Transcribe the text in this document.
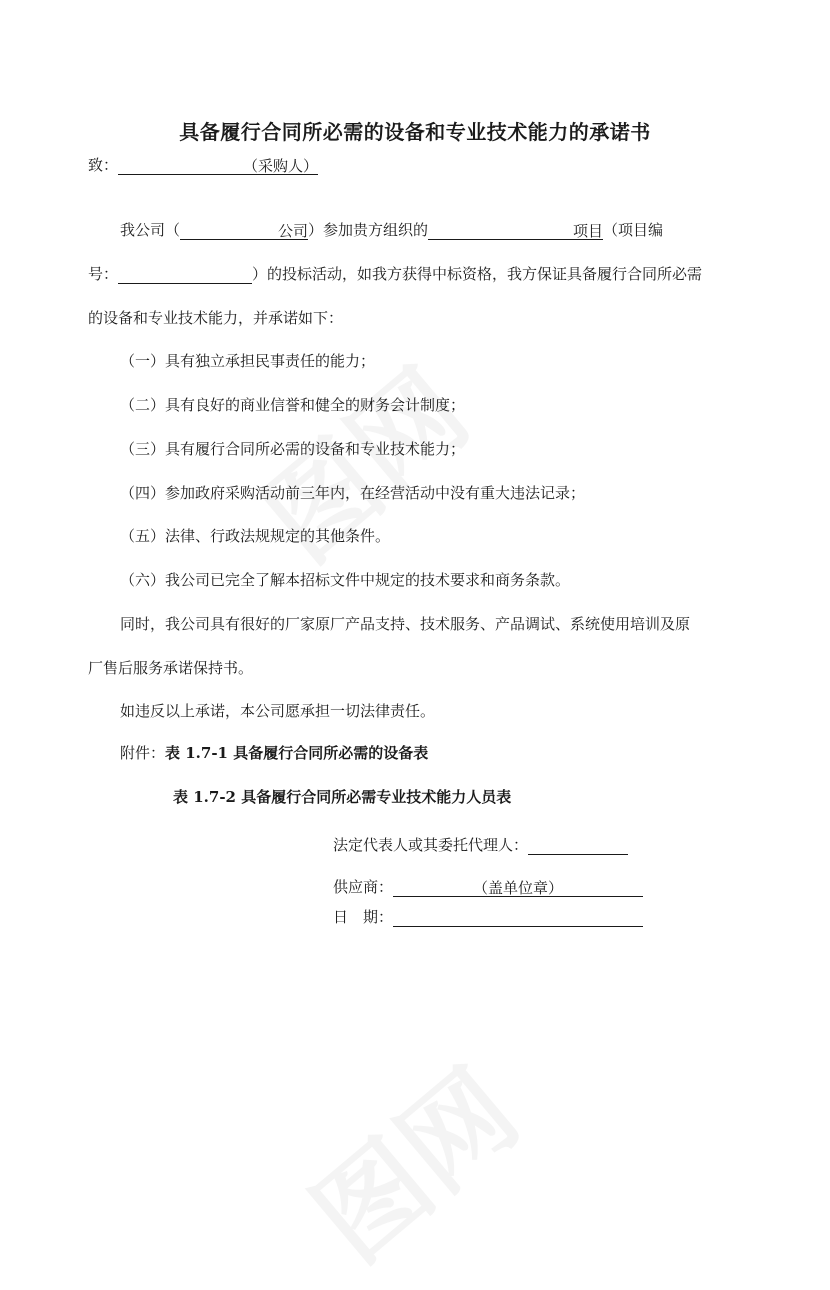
具备履行合同所必需的设备和专业技术能力的承诺书
致：	（采购人）
我公司（	公司）参加贵方组织的	项目（项目编
号：	）的投标活动，如我方获得中标资格，我方保证具备履行合同所必需
的设备和专业技术能力，并承诺如下：
（一）具有独立承担民事责任的能力；
（二）具有良好的商业信誉和健全的财务会计制度；
（三）具有履行合同所必需的设备和专业技术能力；
（四）参加政府采购活动前三年内，在经营活动中没有重大违法记录；
（五）法律、行政法规规定的其他条件。
（六）我公司已完全了解本招标文件中规定的技术要求和商务条款。
同时，我公司具有很好的厂家原厂产品支持、技术服务、产品调试、系统使用培训及原
厂售后服务承诺保持书。
如违反以上承诺，本公司愿承担一切法律责任。
附件：表 1.7-1 具备履行合同所必需的设备表
表 1.7-2 具备履行合同所必需专业技术能力人员表
法定代表人或其委托代理人：
供应商：	（盖单位章）
日　期：
